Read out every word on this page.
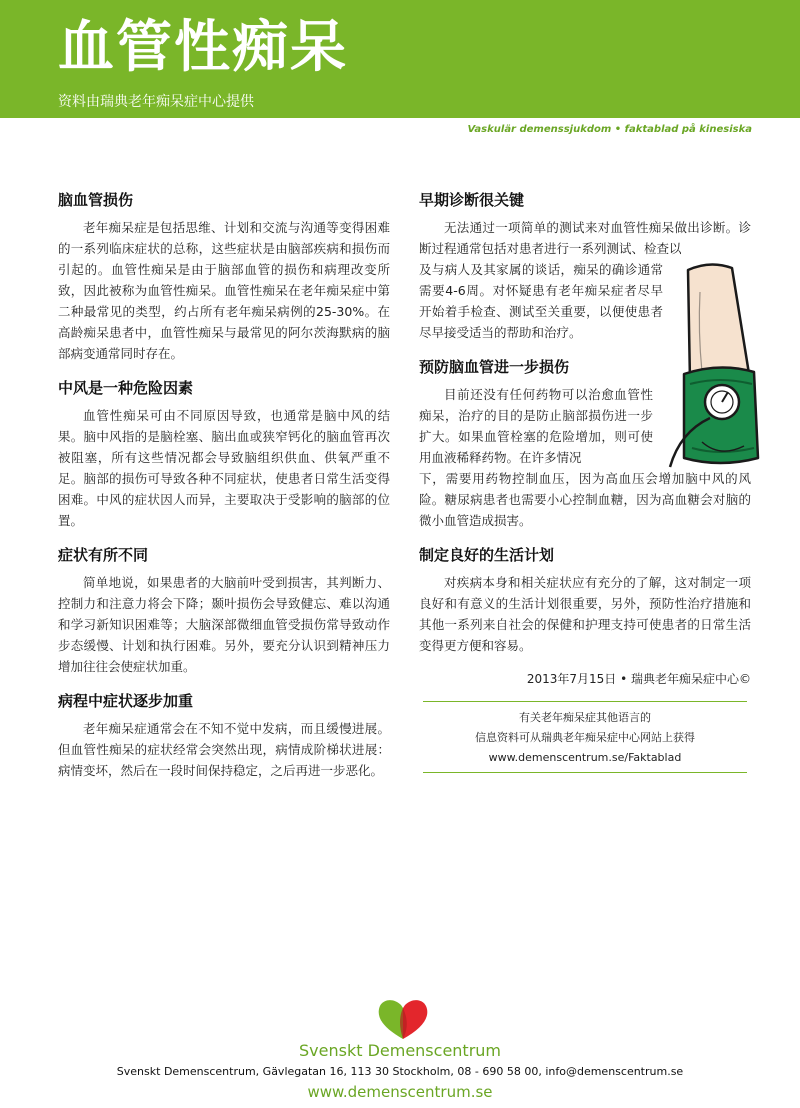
血管性痴呆
资料由瑞典老年痴呆症中心提供
Vaskulär demenssjukdom • faktablad på kinesiska
脑血管损伤

老年痴呆症是包括思维、计划和交流与沟通等变得困难的一系列临床症状的总称，这些症状是由脑部疾病和损伤而引起的。血管性痴呆是由于脑部血管的损伤和病理改变所致，因此被称为血管性痴呆。血管性痴呆在老年痴呆症中第二种最常见的类型，约占所有老年痴呆病例的25-30%。在高龄痴呆患者中，血管性痴呆与最常见的阿尔茨海默病的脑部病变通常同时存在。

中风是一种危险因素

血管性痴呆可由不同原因导致，也通常是脑中风的结果。脑中风指的是脑栓塞、脑出血或狭窄钙化的脑血管再次被阻塞，所有这些情况都会导致脑组织供血、供氧严重不足。脑部的损伤可导致各种不同症状，使患者日常生活变得困难。中风的症状因人而异，主要取决于受影响的脑部的位置。

症状有所不同

简单地说，如果患者的大脑前叶受到损害，其判断力、控制力和注意力将会下降；颞叶损伤会导致健忘、难以沟通和学习新知识困难等；大脑深部微细血管受损伤常导致动作步态缓慢、计划和执行困难。另外，要充分认识到精神压力增加往往会使症状加重。

病程中症状逐步加重

老年痴呆症通常会在不知不觉中发病，而且缓慢进展。但血管性痴呆的症状经常会突然出现，病情成阶梯状进展：病情变坏，然后在一段时间保持稳定，之后再进一步恶化。

早期诊断很关键

无法通过一项简单的测试来对血管性痴呆做出诊断。诊断过程通常包括对患者进行一系列测试、检查以

及与病人及其家属的谈话，痴呆的确诊通常需要4-6周。对怀疑患有老年痴呆症者尽早开始着手检查、测试至关重要，以便使患者尽早接受适当的帮助和治疗。

预防脑血管进一步损伤

目前还没有任何药物可以治愈血管性痴呆，治疗的目的是防止脑部损伤进一步扩大。如果血管栓塞的危险增加，则可使用血液稀释药物。在许多情况

下，需要用药物控制血压，因为高血压会增加脑中风的风险。糖尿病患者也需要小心控制血糖，因为高血糖会对脑的微小血管造成损害。

制定良好的生活计划

对疾病本身和相关症状应有充分的了解，这对制定一项良好和有意义的生活计划很重要，另外，预防性治疗措施和其他一系列来自社会的保健和护理支持可使患者的日常生活变得更方便和容易。

2013年7月15日 • 瑞典老年痴呆症中心©
有关老年痴呆症其他语言的
信息资料可从瑞典老年痴呆症中心网站上获得
www.demenscentrum.se/Faktablad
Svenskt Demenscentrum
Svenskt Demenscentrum, Gävlegatan 16, 113 30 Stockholm, 08 - 690 58 00, info@demenscentrum.se
www.demenscentrum.se
